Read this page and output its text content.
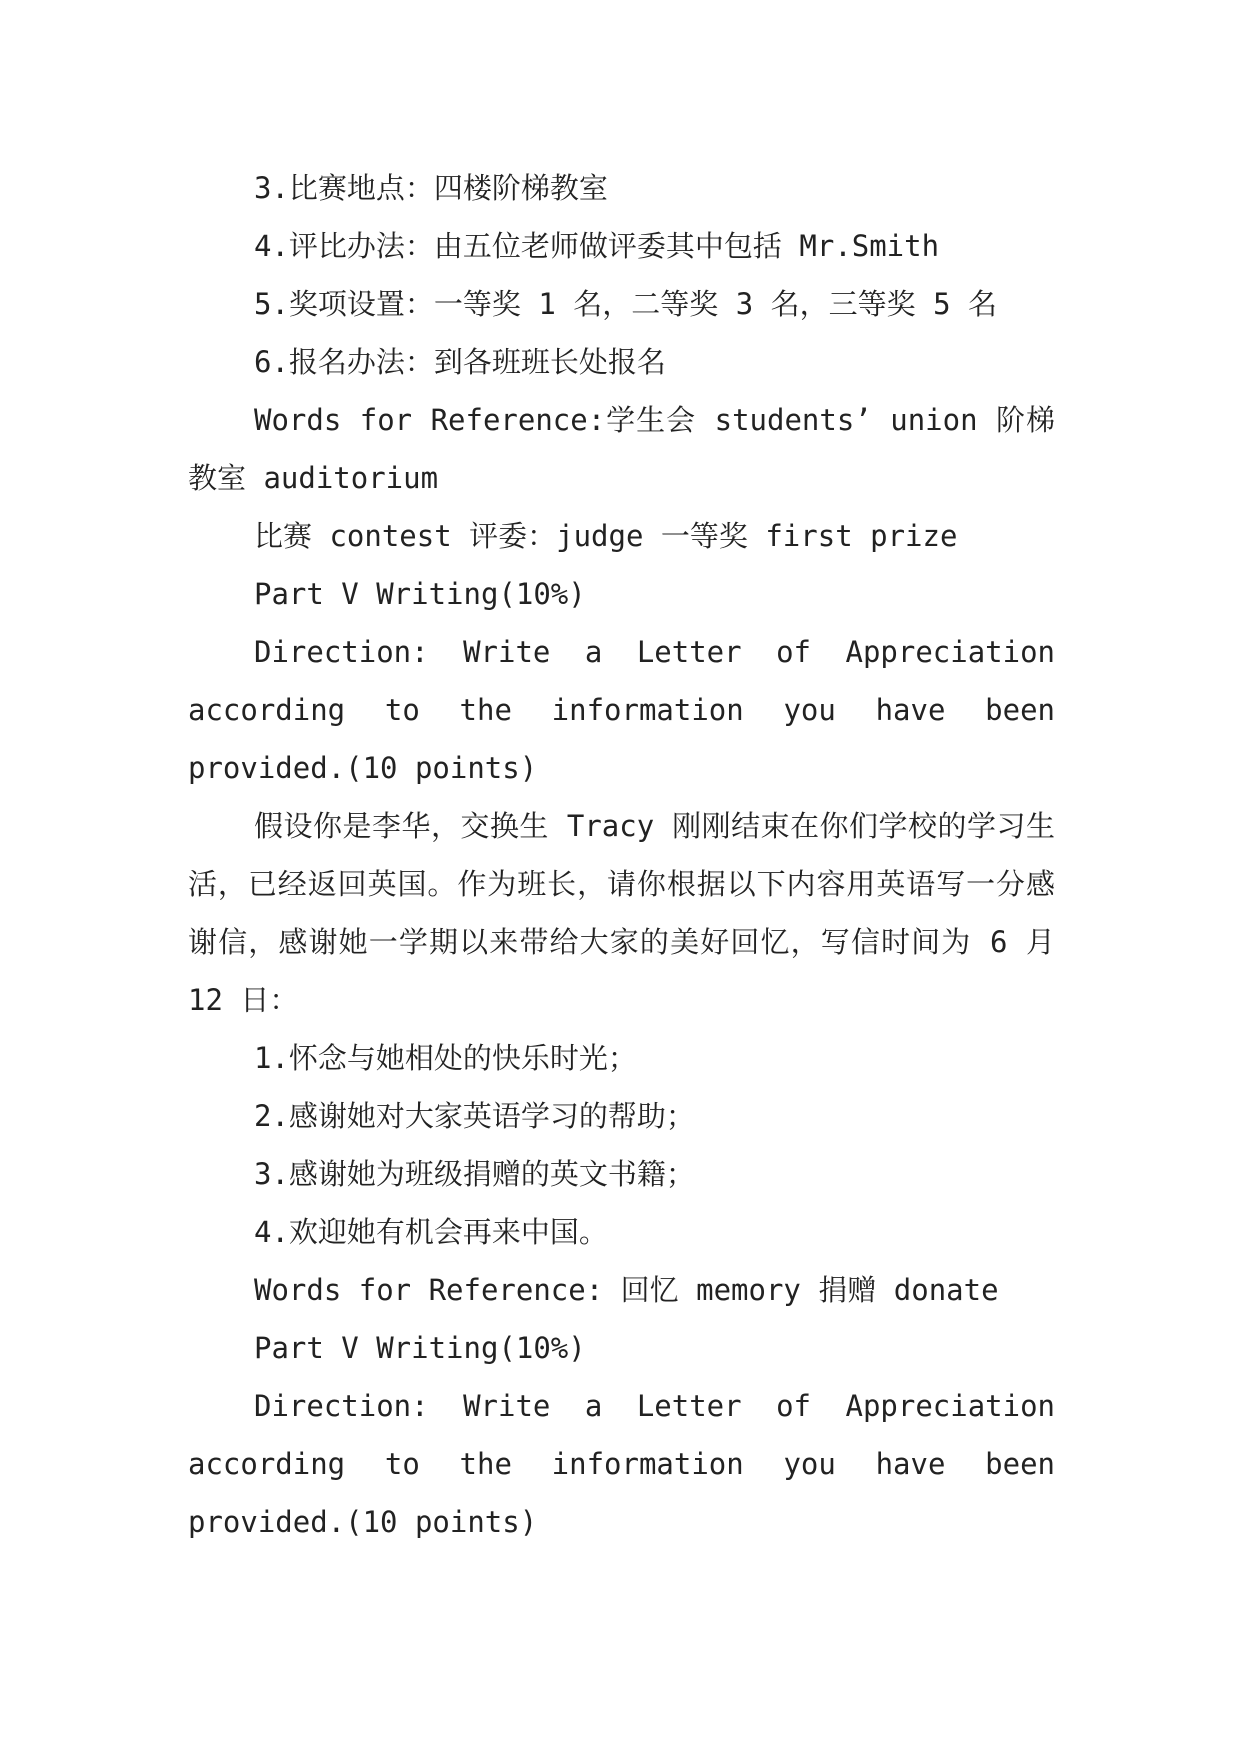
3.比赛地点：四楼阶梯教室

4.评比办法：由五位老师做评委其中包括 Mr.Smith

5.奖项设置：一等奖 1 名，二等奖 3 名，三等奖 5 名

6.报名办法：到各班班长处报名

Words for Reference:学生会 students’ union 阶梯教室 auditorium

比赛 contest 评委：judge 一等奖 first prize

Part V Writing(10%)

Direction: Write a Letter of Appreciation according to the information you have been provided.(10 points)

假设你是李华，交换生 Tracy 刚刚结束在你们学校的学习生活，已经返回英国。作为班长，请你根据以下内容用英语写一分感谢信，感谢她一学期以来带给大家的美好回忆，写信时间为 6 月 12 日：

1.怀念与她相处的快乐时光；

2.感谢她对大家英语学习的帮助；

3.感谢她为班级捐赠的英文书籍；

4.欢迎她有机会再来中国。

Words for Reference: 回忆 memory 捐赠 donate

Part V Writing(10%)

Direction: Write a Letter of Appreciation according to the information you have been provided.(10 points)
